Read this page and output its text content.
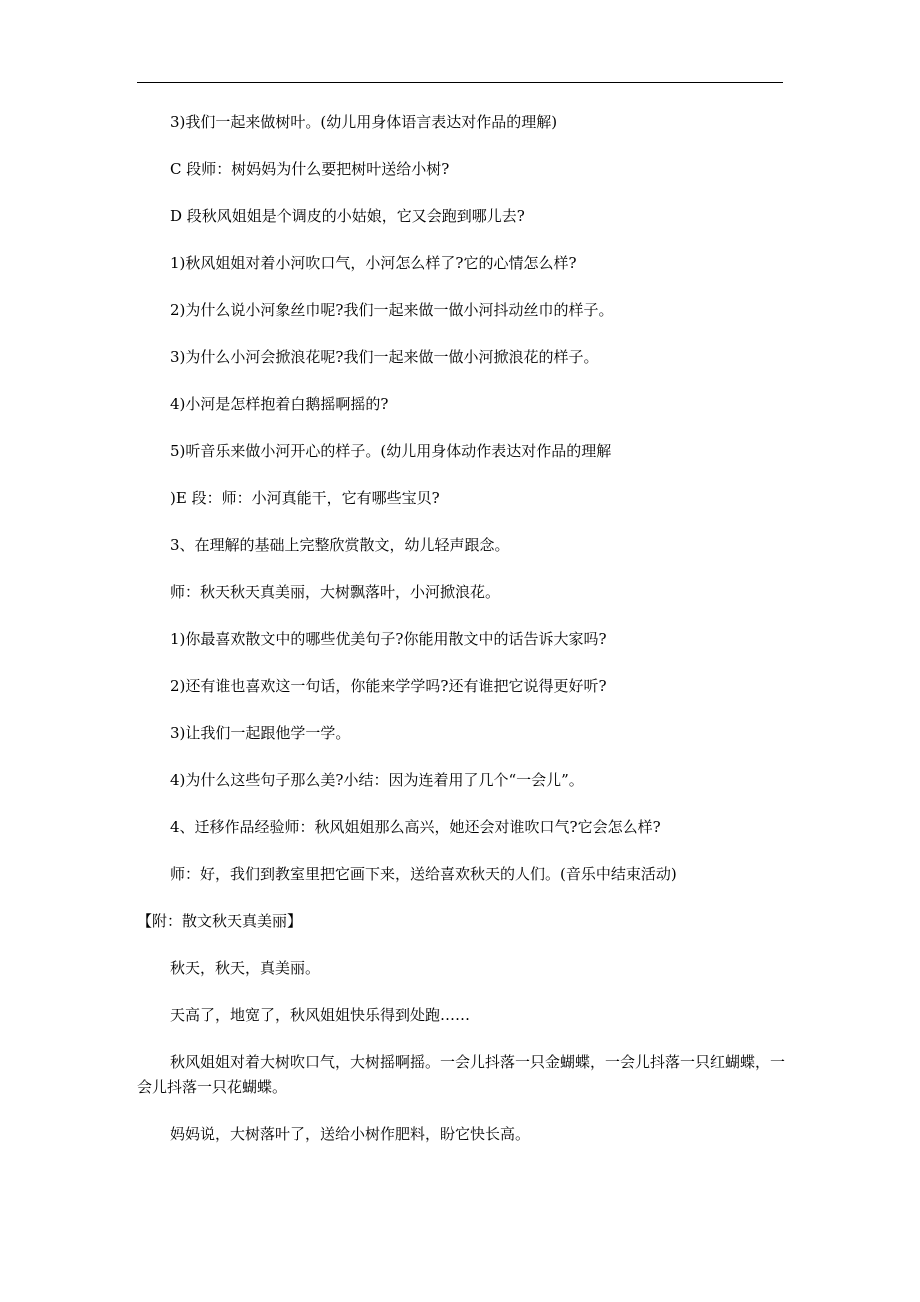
3)我们一起来做树叶。(幼儿用身体语言表达对作品的理解)

C 段师：树妈妈为什么要把树叶送给小树?

D 段秋风姐姐是个调皮的小姑娘，它又会跑到哪儿去?

1)秋风姐姐对着小河吹口气，小河怎么样了?它的心情怎么样?

2)为什么说小河象丝巾呢?我们一起来做一做小河抖动丝巾的样子。

3)为什么小河会掀浪花呢?我们一起来做一做小河掀浪花的样子。

4)小河是怎样抱着白鹅摇啊摇的?

5)听音乐来做小河开心的样子。(幼儿用身体动作表达对作品的理解

)E 段：师：小河真能干，它有哪些宝贝?

3、在理解的基础上完整欣赏散文，幼儿轻声跟念。

师：秋天秋天真美丽，大树飘落叶，小河掀浪花。

1)你最喜欢散文中的哪些优美句子?你能用散文中的话告诉大家吗?

2)还有谁也喜欢这一句话，你能来学学吗?还有谁把它说得更好听?

3)让我们一起跟他学一学。

4)为什么这些句子那么美?小结：因为连着用了几个“一会儿”。

4、迁移作品经验师：秋风姐姐那么高兴，她还会对谁吹口气?它会怎么样?

师：好，我们到教室里把它画下来，送给喜欢秋天的人们。(音乐中结束活动)

【附：散文秋天真美丽】

秋天，秋天，真美丽。

天高了，地宽了，秋风姐姐快乐得到处跑……

秋风姐姐对着大树吹口气，大树摇啊摇。一会儿抖落一只金蝴蝶，一会儿抖落一只红蝴蝶，一会儿抖落一只花蝴蝶。

妈妈说，大树落叶了，送给小树作肥料，盼它快长高。
